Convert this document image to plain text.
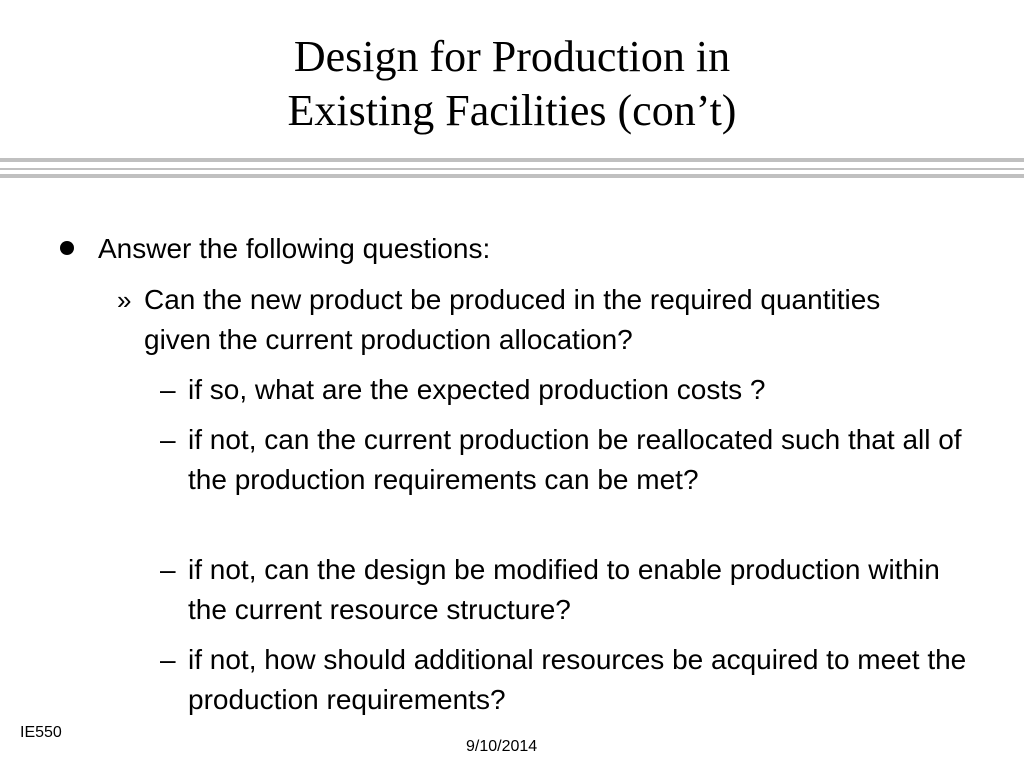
Design for Production in
Existing Facilities (con’t)
Answer the following questions:
» Can the new product be produced in the required quantities given the current production allocation?
– if so, what are the expected production costs ?
– if not, can the current production be reallocated such that all of the production requirements can be met?
– if not, can the design be modified to enable production within the current resource structure?
– if not, how should additional resources be acquired to meet the production requirements?
IE550
9/10/2014
